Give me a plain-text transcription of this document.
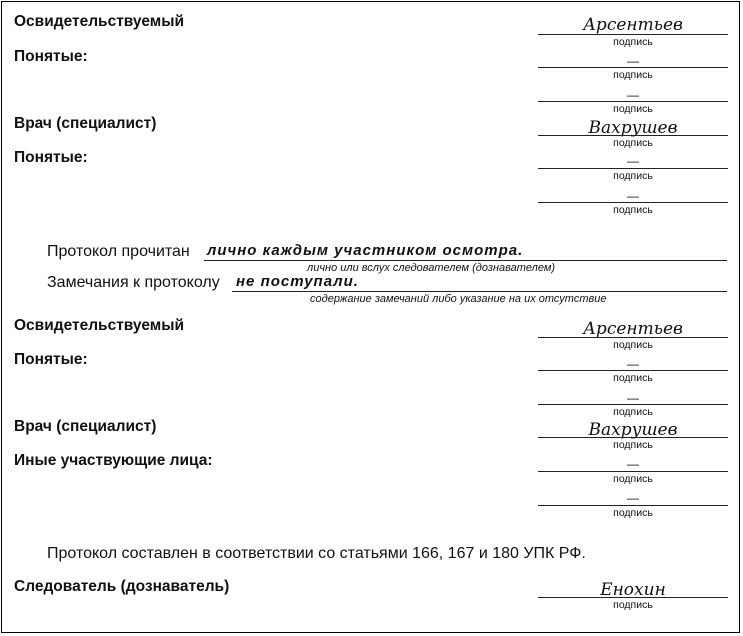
Освидетельствуемый	Арсентьев
подпись
Понятые:	—
подпись
—
подпись
Врач (специалист)	Вахрушев
подпись
Понятые:	—
подпись
—
подпись
Протокол прочитан лично каждым участником осмотра.
лично или вслух следователем (дознавателем)
Замечания к протоколу не поступали.
содержание замечаний либо указание на их отсутствие
Освидетельствуемый	Арсентьев
подпись
Понятые:	—
подпись
—
подпись
Врач (специалист)	Вахрушев
подпись
Иные участвующие лица:	—
подпись
—
подпись
Протокол составлен в соответствии со статьями 166, 167 и 180 УПК РФ.
Следователь (дознаватель)	Енохин
подпись
